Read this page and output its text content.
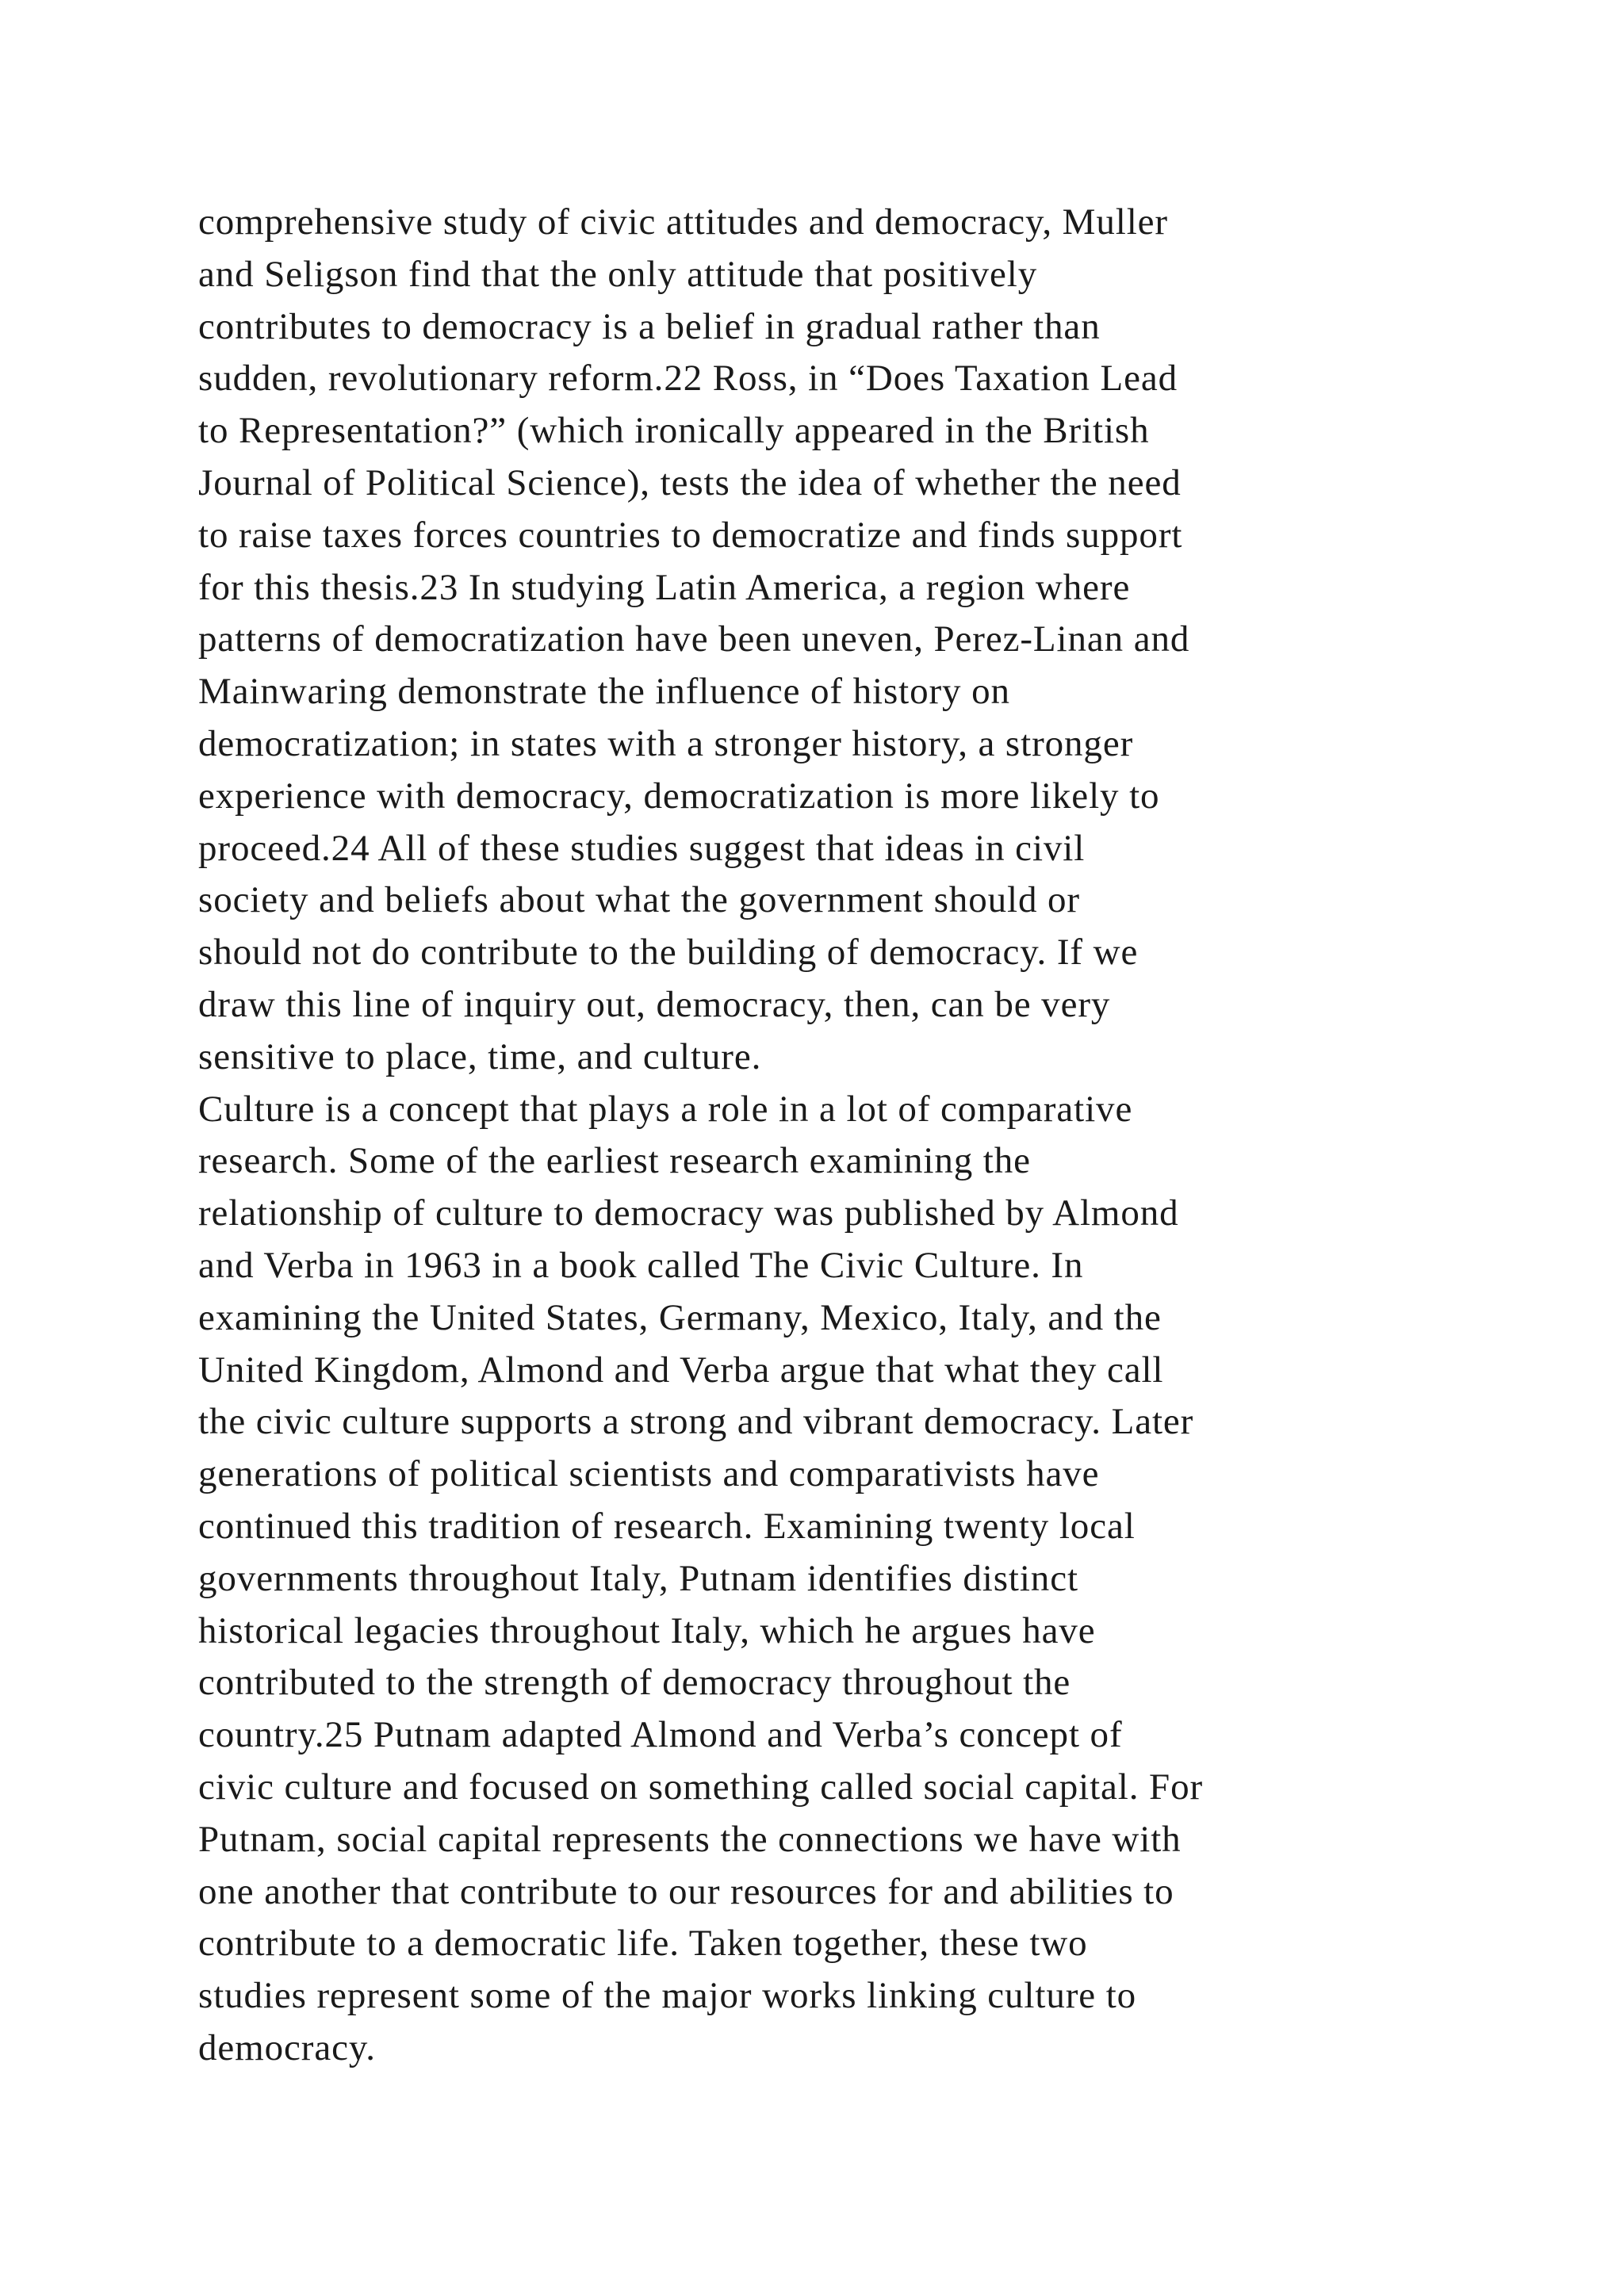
comprehensive study of civic attitudes and democracy, Muller
and Seligson find that the only attitude that positively
contributes to democracy is a belief in gradual rather than
sudden, revolutionary reform.22 Ross, in “Does Taxation Lead
to Representation?” (which ironically appeared in the British
Journal of Political Science), tests the idea of whether the need
to raise taxes forces countries to democratize and finds support
for this thesis.23 In studying Latin America, a region where
patterns of democratization have been uneven, Perez-Linan and
Mainwaring demonstrate the influence of history on
democratization; in states with a stronger history, a stronger
experience with democracy, democratization is more likely to
proceed.24 All of these studies suggest that ideas in civil
society and beliefs about what the government should or
should not do contribute to the building of democracy. If we
draw this line of inquiry out, democracy, then, can be very
sensitive to place, time, and culture.
Culture is a concept that plays a role in a lot of comparative
research. Some of the earliest research examining the
relationship of culture to democracy was published by Almond
and Verba in 1963 in a book called The Civic Culture. In
examining the United States, Germany, Mexico, Italy, and the
United Kingdom, Almond and Verba argue that what they call
the civic culture supports a strong and vibrant democracy. Later
generations of political scientists and comparativists have
continued this tradition of research. Examining twenty local
governments throughout Italy, Putnam identifies distinct
historical legacies throughout Italy, which he argues have
contributed to the strength of democracy throughout the
country.25 Putnam adapted Almond and Verba’s concept of
civic culture and focused on something called social capital. For
Putnam, social capital represents the connections we have with
one another that contribute to our resources for and abilities to
contribute to a democratic life. Taken together, these two
studies represent some of the major works linking culture to
democracy.
